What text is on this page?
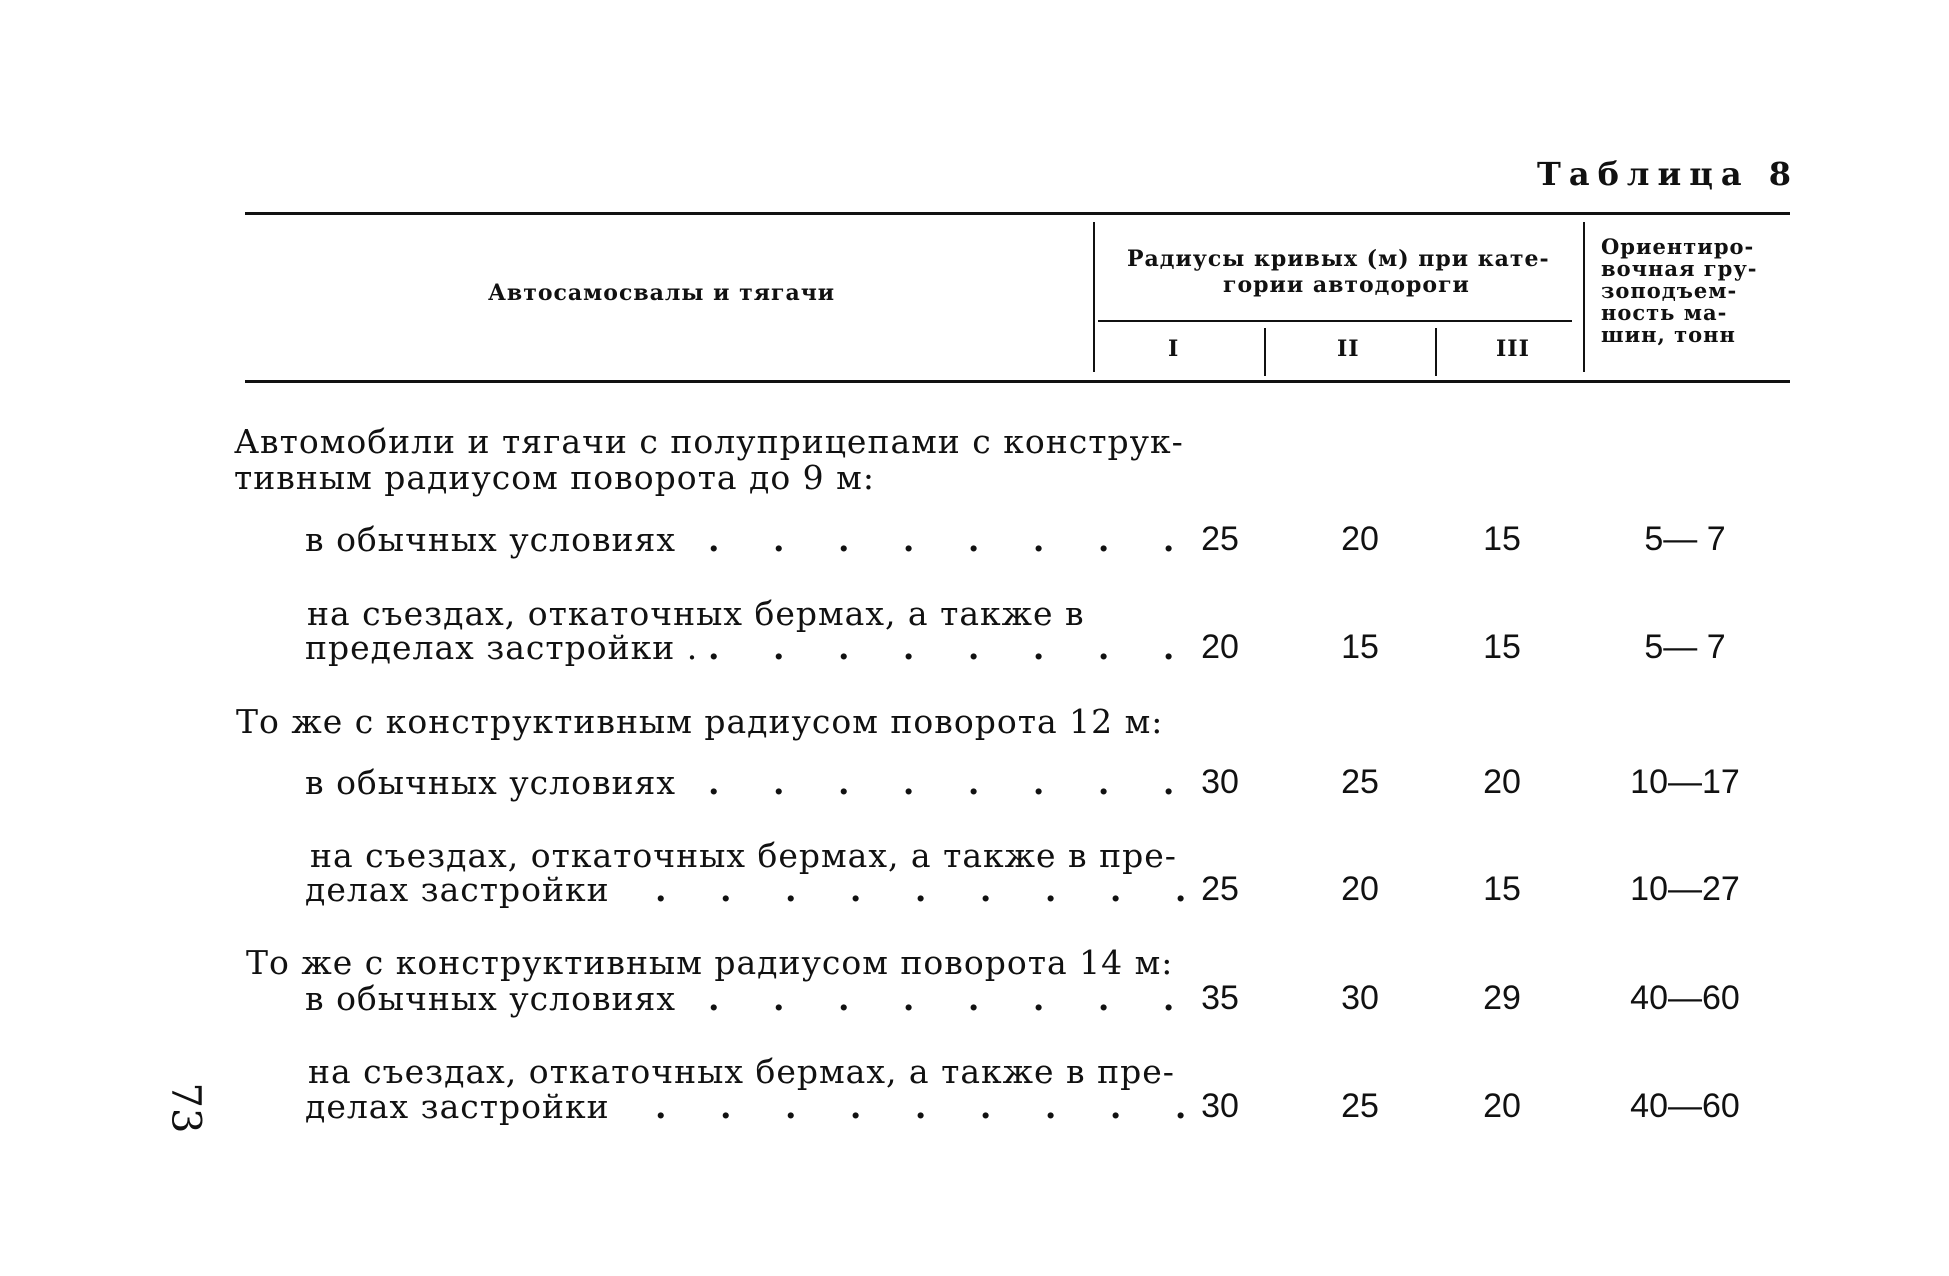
Таблица 8
Автосамосвалы и тягачи
Радиусы кривых (м) при кате-
гории автодороги
I	II	III
Ориентиро-
вочная гру-
зоподъем-
ность ма-
шин, тонн
Автомобили и тягачи с полуприцепами с конструк-
тивным радиусом поворота до 9 м:
в обычных условиях . . . . . . . . 25	20	15	5— 7
на съездах, откаточных бермах, а также в
пределах застройки . . . . . . . . . 20	15	15	5— 7
То же с конструктивным радиусом поворота 12 м:
в обычных условиях . . . . . . . . 30	25	20	10—17
на съездах, откаточных бермах, а также в пре-
делах застройки . . . . . . . . .
25	20	15	10—27
То же с конструктивным радиусом поворота 14 м:
в обычных условиях . . . . . . . . 35	30	29	40—60
на съездах, откаточных бермах, а также в пре-
делах застройки . . . . . . . . .
30	25	20	40—60
73
